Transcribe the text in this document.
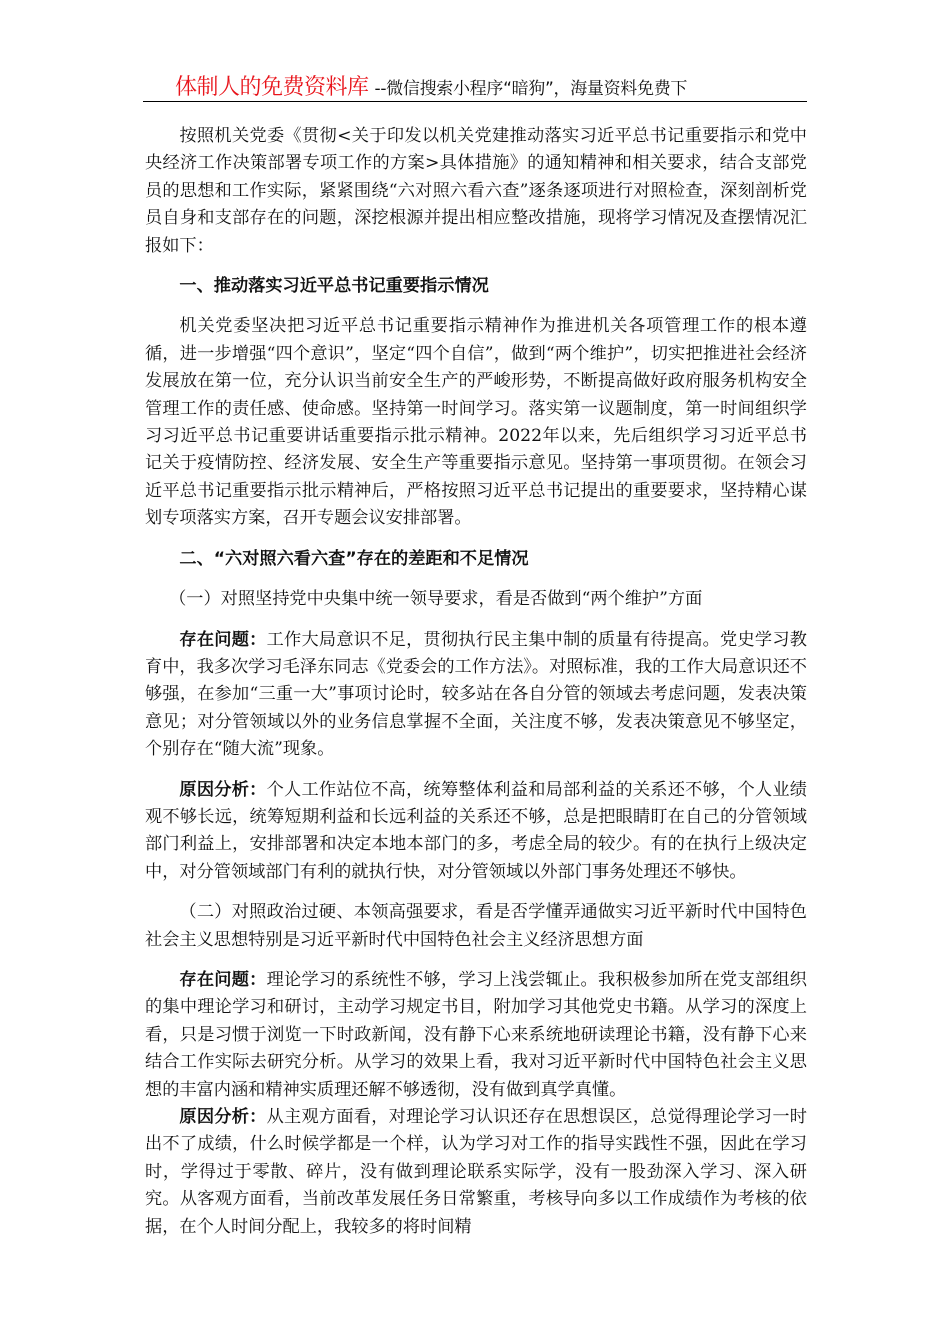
体制人的免费资料库 --微信搜索小程序“暗狗”，海量资料免费下

按照机关党委《贯彻<关于印发以机关党建推动落实习近平总书记重要指示和党中央经济工作决策部署专项工作的方案>具体措施》的通知精神和相关要求，结合支部党员的思想和工作实际，紧紧围绕“六对照六看六查”逐条逐项进行对照检查，深刻剖析党员自身和支部存在的问题，深挖根源并提出相应整改措施，现将学习情况及查摆情况汇报如下：

一、推动落实习近平总书记重要指示情况

机关党委坚决把习近平总书记重要指示精神作为推进机关各项管理工作的根本遵循，进一步增强“四个意识”，坚定“四个自信”，做到“两个维护”，切实把推进社会经济发展放在第一位，充分认识当前安全生产的严峻形势，不断提高做好政府服务机构安全管理工作的责任感、使命感。坚持第一时间学习。落实第一议题制度，第一时间组织学习习近平总书记重要讲话重要指示批示精神。2022年以来，先后组织学习习近平总书记关于疫情防控、经济发展、安全生产等重要指示意见。坚持第一事项贯彻。在领会习近平总书记重要指示批示精神后，严格按照习近平总书记提出的重要要求，坚持精心谋划专项落实方案，召开专题会议安排部署。

二、“六对照六看六查”存在的差距和不足情况

（一）对照坚持党中央集中统一领导要求，看是否做到“两个维护”方面

存在问题：工作大局意识不足，贯彻执行民主集中制的质量有待提高。党史学习教育中，我多次学习毛泽东同志《党委会的工作方法》。对照标准，我的工作大局意识还不够强，在参加“三重一大”事项讨论时，较多站在各自分管的领域去考虑问题，发表决策意见；对分管领域以外的业务信息掌握不全面，关注度不够，发表决策意见不够坚定，个别存在“随大流”现象。

原因分析：个人工作站位不高，统筹整体利益和局部利益的关系还不够，个人业绩观不够长远，统筹短期利益和长远利益的关系还不够，总是把眼睛盯在自己的分管领域部门利益上，安排部署和决定本地本部门的多，考虑全局的较少。有的在执行上级决定中，对分管领域部门有利的就执行快，对分管领域以外部门事务处理还不够快。

（二）对照政治过硬、本领高强要求，看是否学懂弄通做实习近平新时代中国特色社会主义思想特别是习近平新时代中国特色社会主义经济思想方面

存在问题：理论学习的系统性不够，学习上浅尝辄止。我积极参加所在党支部组织的集中理论学习和研讨，主动学习规定书目，附加学习其他党史书籍。从学习的深度上看，只是习惯于浏览一下时政新闻，没有静下心来系统地研读理论书籍，没有静下心来结合工作实际去研究分析。从学习的效果上看，我对习近平新时代中国特色社会主义思想的丰富内涵和精神实质理还解不够透彻，没有做到真学真懂。

原因分析：从主观方面看，对理论学习认识还存在思想误区，总觉得理论学习一时出不了成绩，什么时候学都是一个样，认为学习对工作的指导实践性不强，因此在学习时，学得过于零散、碎片，没有做到理论联系实际学，没有一股劲深入学习、深入研究。从客观方面看，当前改革发展任务日常繁重，考核导向多以工作成绩作为考核的依据，在个人时间分配上，我较多的将时间精
